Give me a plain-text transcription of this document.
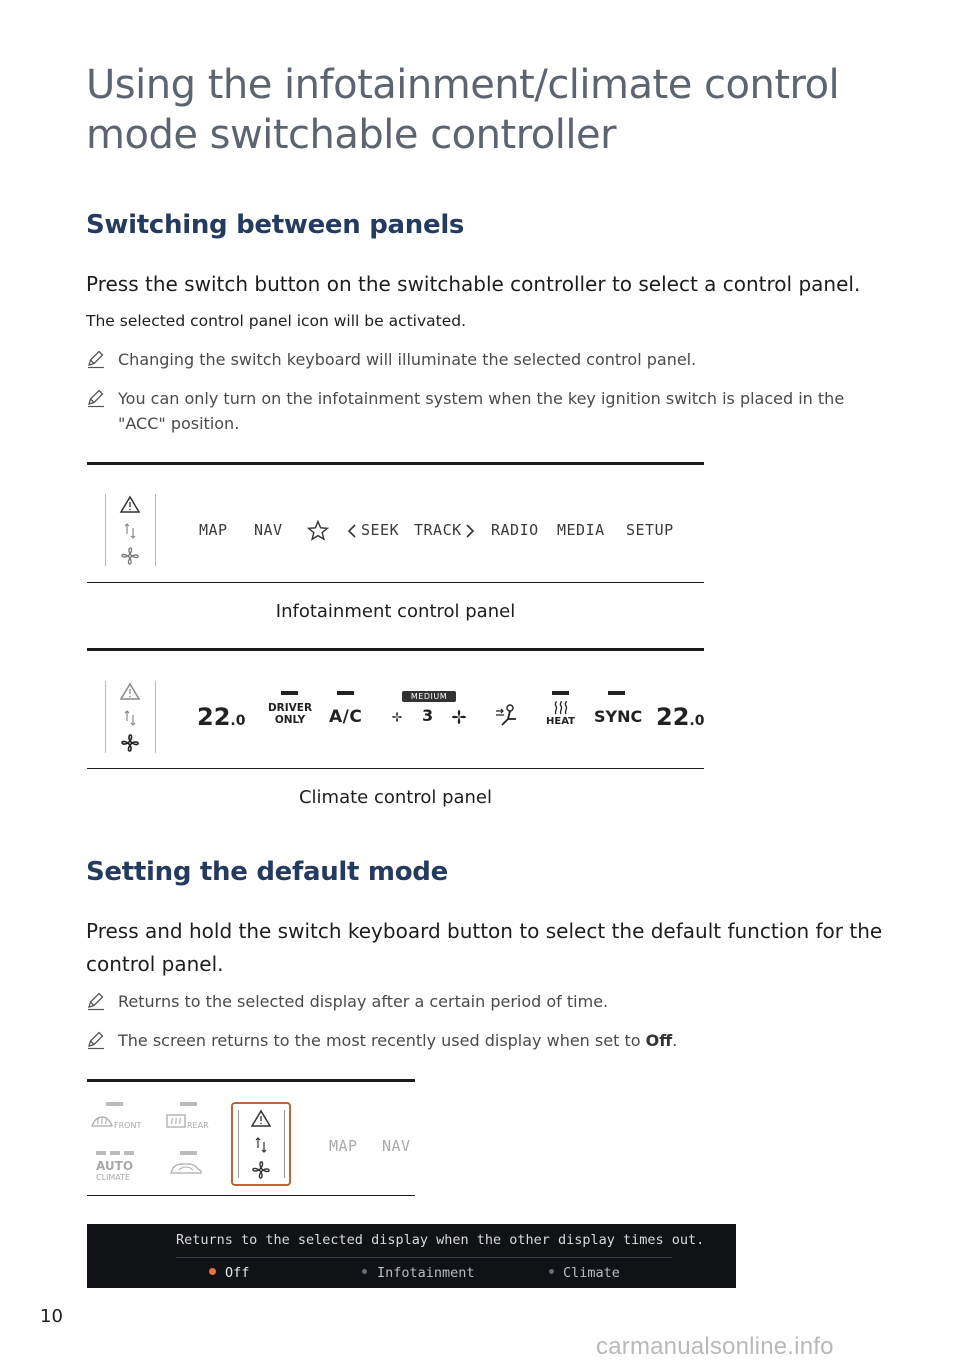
Using the infotainment/climate control mode switchable controller
Switching between panels
Press the switch button on the switchable controller to select a control panel.
The selected control panel icon will be activated.
Changing the switch keyboard will illuminate the selected control panel.
You can only turn on the infotainment system when the key ignition switch is placed in the "ACC" position.
MAP NAV	SEEK TRACK RADIO MEDIA SETUP
Infotainment control panel
22.0
DRIVER
ONLY	A/C
MEDIUM
3	HEAT SYNC 22.0
Climate control panel
Setting the default mode
Press and hold the switch keyboard button to select the default function for the control panel.
Returns to the selected display after a certain period of time.
The screen returns to the most recently used display when set to Off.
FRONT	REAR
AUTO
CLIMATE
MAP NAV
Returns to the selected display when the other display times out.
Off	Infotainment	Climate
10
carmanualsonline.info
